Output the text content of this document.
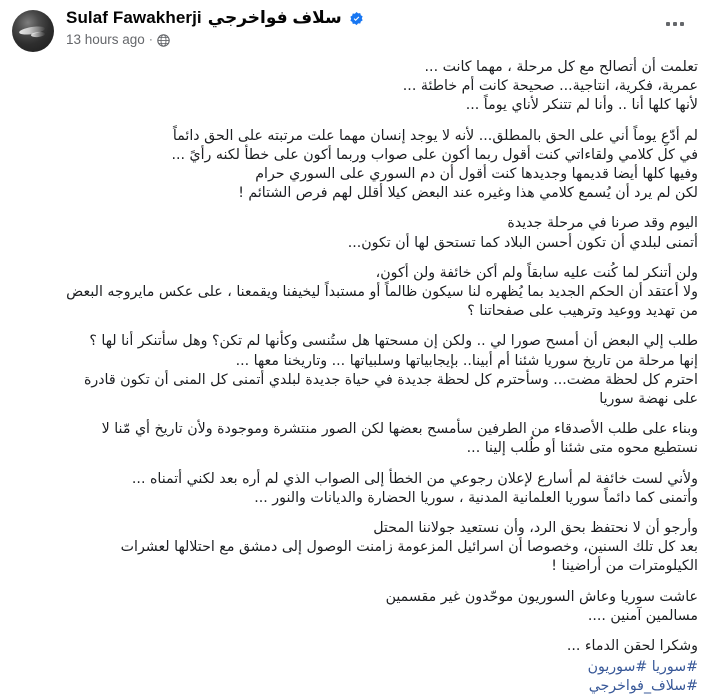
Sulaf Fawakherji سلاف فواخرجي
13 hours ago ·
تعلمت أن أتصالح مع كل مرحلة ، مهما كانت ...
عمرية، فكرية، انتاجية... صحيحة كانت أم خاطئة ...
لأنها كلها أنا .. وأنا لم تتنكر لأناي يوماً ...
لم أدّعِ يوماً أني على الحق بالمطلق... لأنه لا يوجد إنسان مهما علت مرتبته على الحق دائماً
في كل كلامي ولقاءاتي كنت أقول ربما أكون على صواب وربما أكون على خطأ لكنه رأيً ...
وفيها كلها أيضا قديمها وجديدها كنت أقول أن دم السوري على السوري حرام
لكن لم يرد أن يُسمع كلامي هذا وغيره عند البعض كيلا أقلل لهم فرص الشتائم !
اليوم وقد صرنا في مرحلة جديدة
أتمنى لبلدي أن تكون أحسن البلاد كما تستحق لها أن تكون...
ولن أتنكر لما كُنت عليه سابقاً ولم أكن خائفة ولن أكون،
ولا أعتقد أن الحكم الجديد بما يُظهره لنا سيكون ظالماً أو مستبداً ليخيفنا ويقمعنا ، على عكس مايروجه البعض
من تهديد ووعيد وترهيب على صفحاتنا ؟
طلب إلي البعض أن أمسح صورا لي .. ولكن إن مسحتها هل ستُنسى وكأنها لم تكن؟ وهل سأتنكر أنا لها ؟
إنها مرحلة من تاريخ سوريا شئنا أم أبينا.. بإيجابياتها وسلبياتها ... وتاريخنا معها ...
احترم كل لحظة مضت... وسأحترم كل لحظة جديدة في حياة جديدة لبلدي أتمنى كل المنى أن تكون قادرة
على نهضة سوريا
وبناء على طلب الأصدقاء من الطرفين سأمسح بعضها لكن الصور منتشرة وموجودة ولأن تاريخ أي مّنا لا
نستطيع محوه متى شئنا أو طُلب إلينا ...
ولأني لست خائفة لم أسارع لإعلان رجوعي من الخطأ إلى الصواب الذي لم أره بعد لكني أتمناه ...
وأتمنى كما دائماً سوريا العلمانية المدنية ، سوريا الحضارة والديانات والنور ...
وأرجو أن لا نحتفظ بحق الرد، وأن نستعيد جولاننا المحتل
بعد كل تلك السنين، وخصوصا أن اسرائيل المزعومة زامنت الوصول إلى دمشق مع احتلالها لعشرات
الكيلومترات من أراضينا !
عاشت سوريا وعاش السوريون موحّدون غير مقسمين
مسالمين آمنين ....
وشكرا لحقن الدماء ...
#سوريا #سوريون
#سلاف_فواخرجي
